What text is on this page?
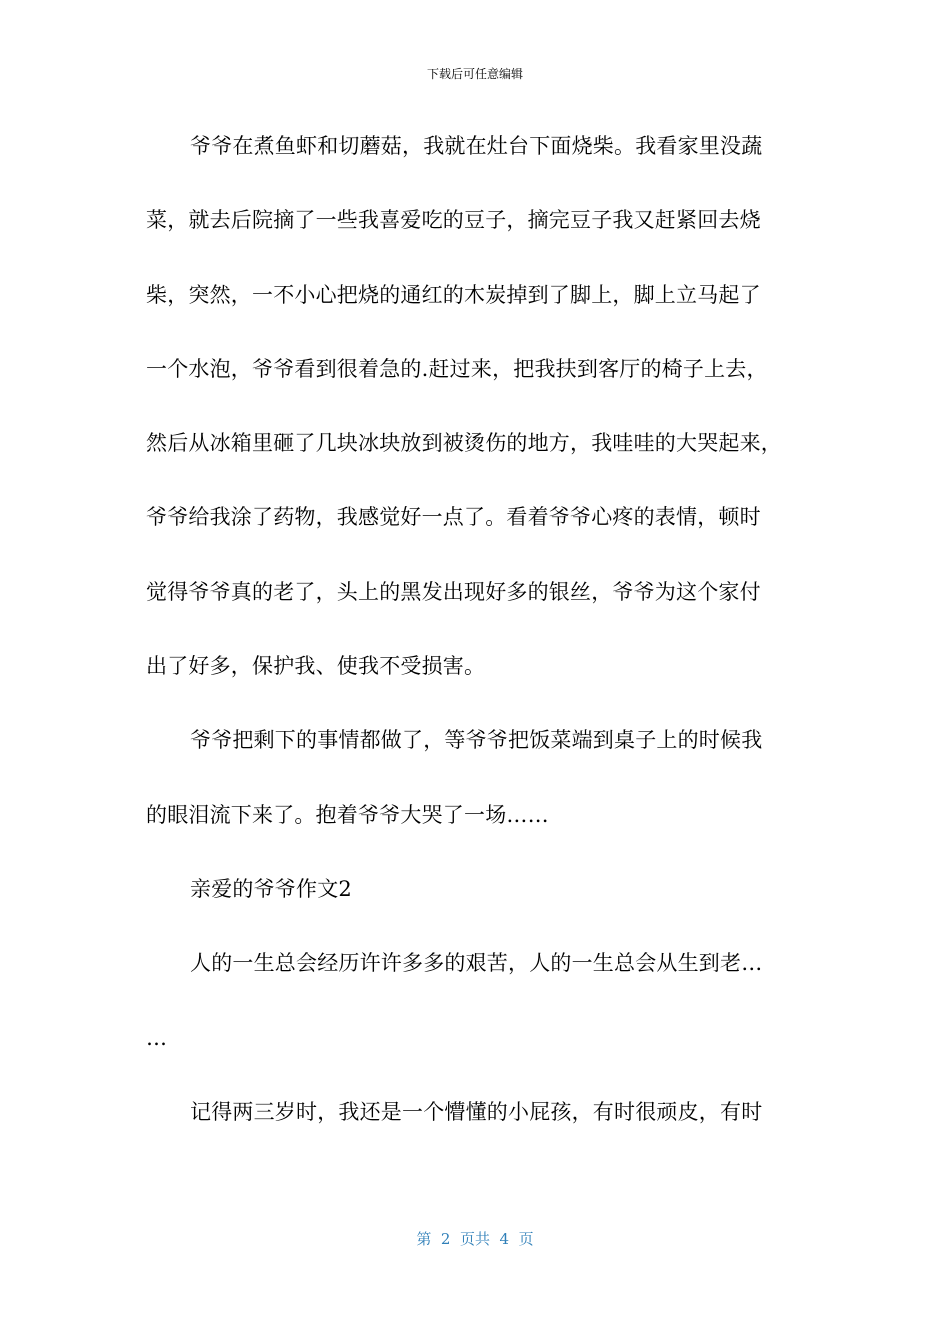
下载后可任意编辑
爷爷在煮鱼虾和切蘑菇，我就在灶台下面烧柴。我看家里没蔬
菜，就去后院摘了一些我喜爱吃的豆子，摘完豆子我又赶紧回去烧
柴，突然，一不小心把烧的通红的木炭掉到了脚上，脚上立马起了
一个水泡，爷爷看到很着急的.赶过来，把我扶到客厅的椅子上去，
然后从冰箱里砸了几块冰块放到被烫伤的地方，我哇哇的大哭起来，
爷爷给我涂了药物，我感觉好一点了。看着爷爷心疼的表情，顿时
觉得爷爷真的老了，头上的黑发出现好多的银丝，爷爷为这个家付
出了好多，保护我、使我不受损害。
爷爷把剩下的事情都做了，等爷爷把饭菜端到桌子上的时候我
的眼泪流下来了。抱着爷爷大哭了一场……
亲爱的爷爷作文2
人的一生总会经历许许多多的艰苦，人的一生总会从生到老…
…
记得两三岁时，我还是一个懵懂的小屁孩，有时很顽皮，有时
第  2  页共  4  页
